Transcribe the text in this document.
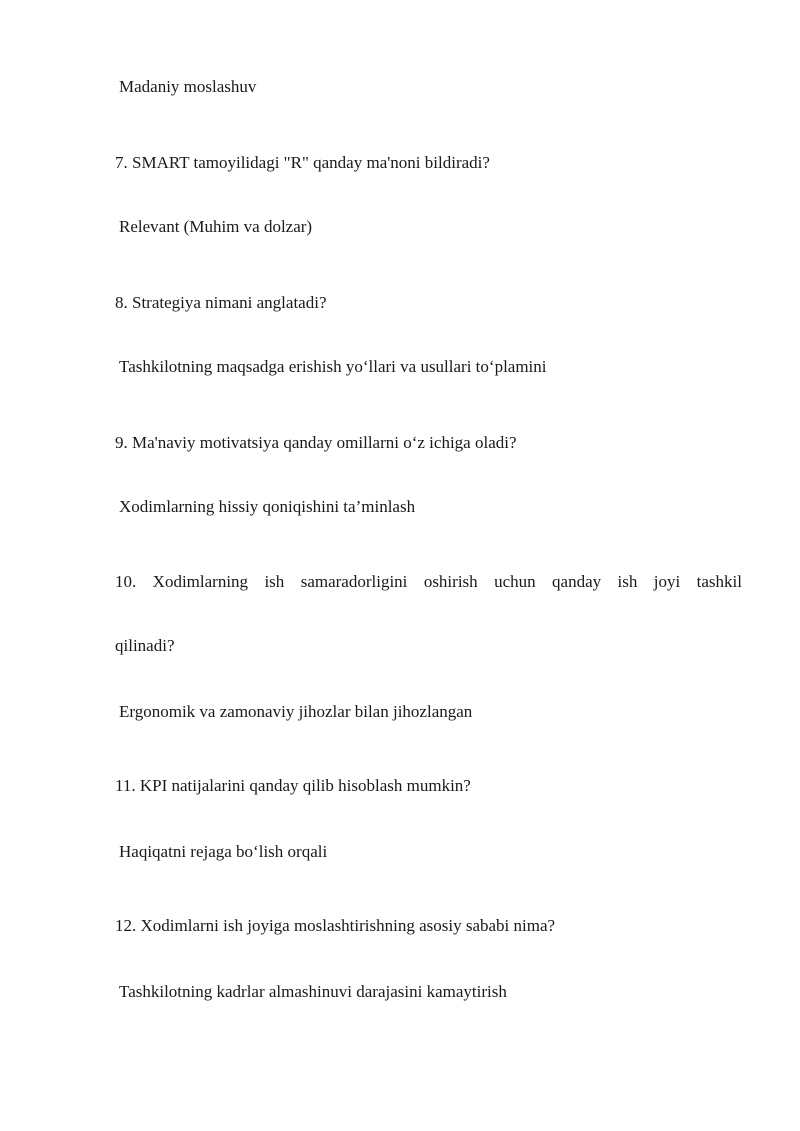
Madaniy moslashuv
7. SMART tamoyilidagi "R" qanday ma'noni bildiradi?
Relevant (Muhim va dolzar)
8. Strategiya nimani anglatadi?
Tashkilotning maqsadga erishish yo‘llari va usullari to‘plamini
9. Ma'naviy motivatsiya qanday omillarni o‘z ichiga oladi?
Xodimlarning hissiy qoniqishini ta’minlash
10. Xodimlarning ish samaradorligini oshirish uchun qanday ish joyi tashkil
qilinadi?
Ergonomik va zamonaviy jihozlar bilan jihozlangan
11. KPI natijalarini qanday qilib hisoblash mumkin?
Haqiqatni rejaga bo‘lish orqali
12. Xodimlarni ish joyiga moslashtirishning asosiy sababi nima?
Tashkilotning kadrlar almashinuvi darajasini kamaytirish
